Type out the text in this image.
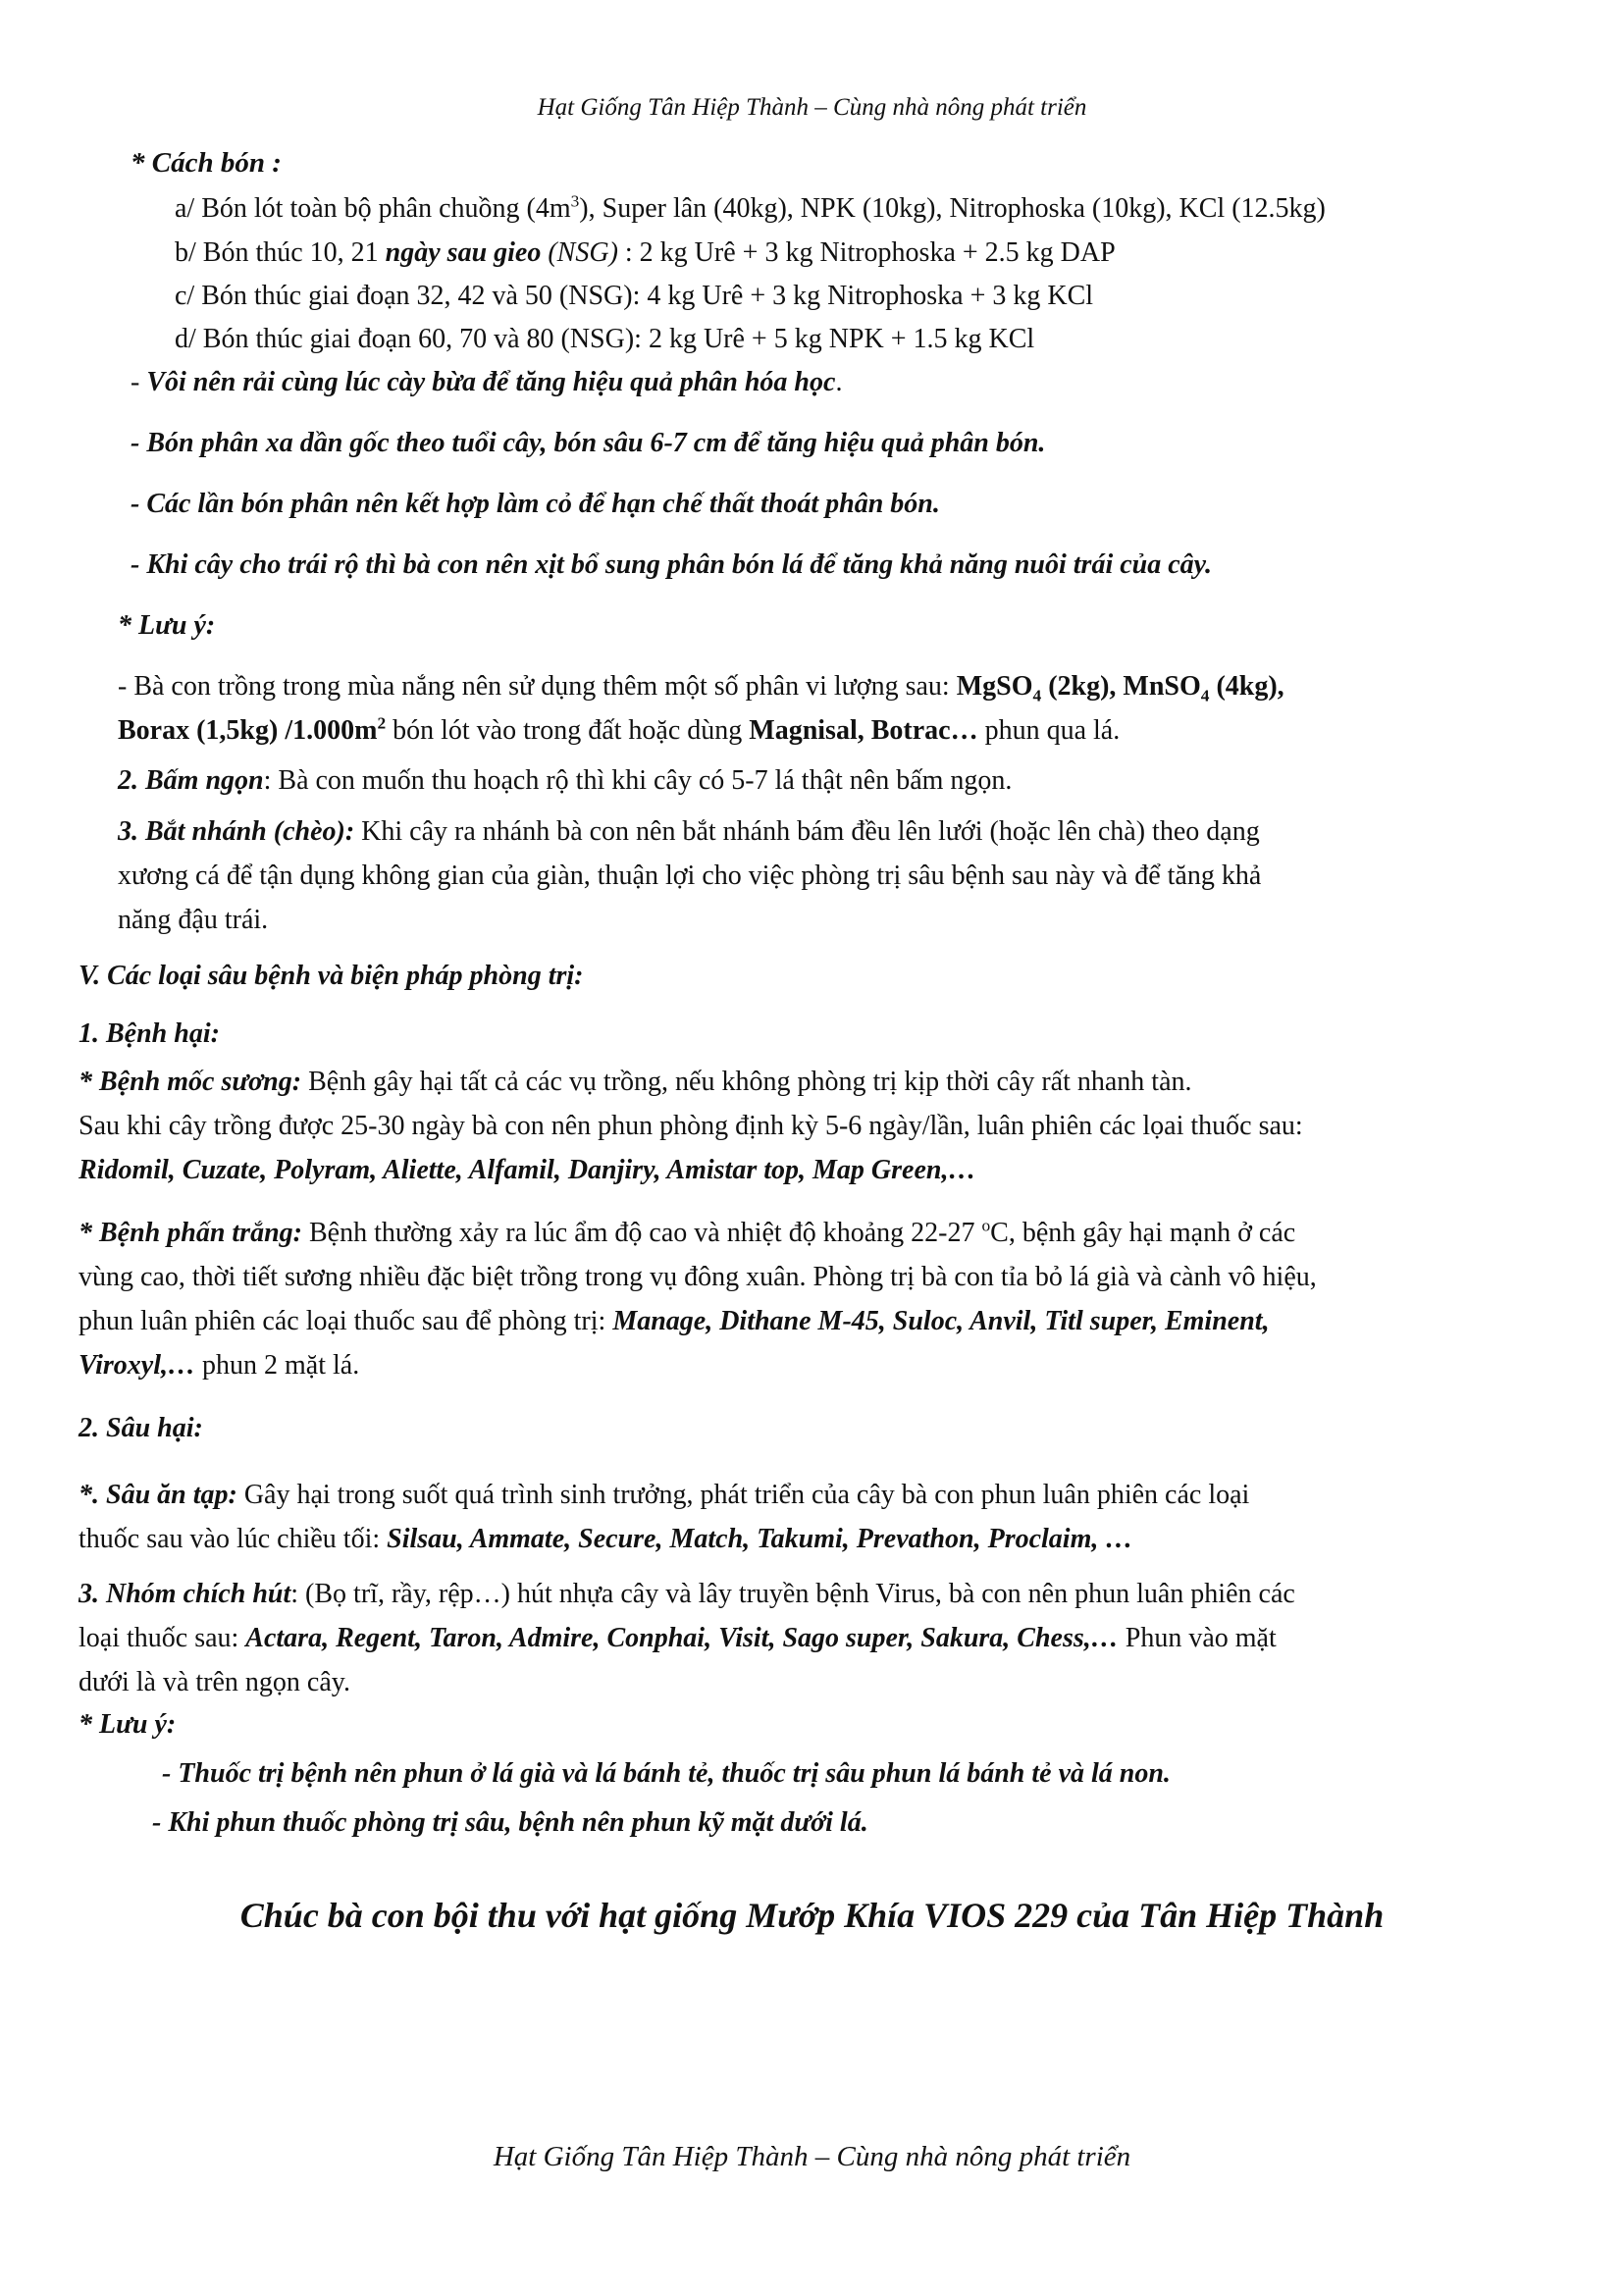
Hạt Giống Tân Hiệp Thành – Cùng nhà nông phát triển
* Cách bón :
a/ Bón lót toàn bộ phân chuồng $(4m^3)$, Super lân (40kg), NPK (10kg), Nitrophoska (10kg), KCl (12.5kg)
b/ Bón thúc 10, 21 ngày sau gieo (NSG) : 2 kg Urê + 3 kg Nitrophoska + 2.5 kg DAP
c/ Bón thúc giai đoạn 32, 42 và 50 (NSG): 4 kg Urê + 3 kg Nitrophoska + 3 kg KCl
d/ Bón thúc giai đoạn 60, 70 và 80 (NSG): 2 kg Urê + 5 kg NPK + 1.5 kg KCl
- Vôi nên rải cùng lúc cày bừa để tăng hiệu quả phân hóa học.
- Bón phân xa dần gốc theo tuổi cây, bón sâu 6-7 cm để tăng hiệu quả phân bón.
- Các lần bón phân nên kết hợp làm cỏ để hạn chế thất thoát phân bón.
- Khi cây cho trái rộ thì bà con nên xịt bổ sung phân bón lá để tăng khả năng nuôi trái của cây.
* Lưu ý:
- Bà con trồng trong mùa nắng nên sử dụng thêm một số phân vi lượng sau: MgSO$_4$ (2kg), MnSO$_4$ (4kg),
Borax (1,5kg) $/1.000m^2$ bón lót vào trong đất hoặc dùng Magnisal, Botrac… phun qua lá.
2. Bấm ngọn: Bà con muốn thu hoạch rộ thì khi cây có 5-7 lá thật nên bấm ngọn.
3. Bắt nhánh (chèo): Khi cây ra nhánh bà con nên bắt nhánh bám đều lên lưới (hoặc lên chà) theo dạng
xương cá để tận dụng không gian của giàn, thuận lợi cho việc phòng trị sâu bệnh sau này và để tăng khả
năng đậu trái.
V. Các loại sâu bệnh và biện pháp phòng trị:
1. Bệnh hại:
* Bệnh mốc sương: Bệnh gây hại tất cả các vụ trồng, nếu không phòng trị kịp thời cây rất nhanh tàn.
Sau khi cây trồng được 25-30 ngày bà con nên phun phòng định kỳ 5-6 ngày/lần, luân phiên các lọai thuốc sau:
Ridomil, Cuzate, Polyram, Aliette, Alfamil, Danjiry, Amistar top, Map Green,…
* Bệnh phấn trắng: Bệnh thường xảy ra lúc ẩm độ cao và nhiệt độ khoảng 22-27 $^o$C, bệnh gây hại mạnh ở các
vùng cao, thời tiết sương nhiều đặc biệt trồng trong vụ đông xuân. Phòng trị bà con tỉa bỏ lá già và cành vô hiệu,
phun luân phiên các loại thuốc sau để phòng trị: Manage, Dithane M-45, Suloc, Anvil, Titl super, Eminent,
Viroxyl,… phun 2 mặt lá.
2. Sâu hại:
*. Sâu ăn tạp: Gây hại trong suốt quá trình sinh trưởng, phát triển của cây bà con phun luân phiên các loại
thuốc sau vào lúc chiều tối: Silsau, Ammate, Secure, Match, Takumi, Prevathon, Proclaim, …
3. Nhóm chích hút: (Bọ trĩ, rầy, rệp…) hút nhựa cây và lây truyền bệnh Virus, bà con nên phun luân phiên các
loại thuốc sau: Actara, Regent, Taron, Admire, Conphai, Visit, Sago super, Sakura, Chess,… Phun vào mặt
dưới là và trên ngọn cây.
* Lưu ý:
- Thuốc trị bệnh nên phun ở lá già và lá bánh tẻ, thuốc trị sâu phun lá bánh tẻ và lá non.
- Khi phun thuốc phòng trị sâu, bệnh nên phun kỹ mặt dưới lá.
Chúc bà con bội thu với hạt giống Mướp Khía VIOS 229 của Tân Hiệp Thành
Hạt Giống Tân Hiệp Thành – Cùng nhà nông phát triển
